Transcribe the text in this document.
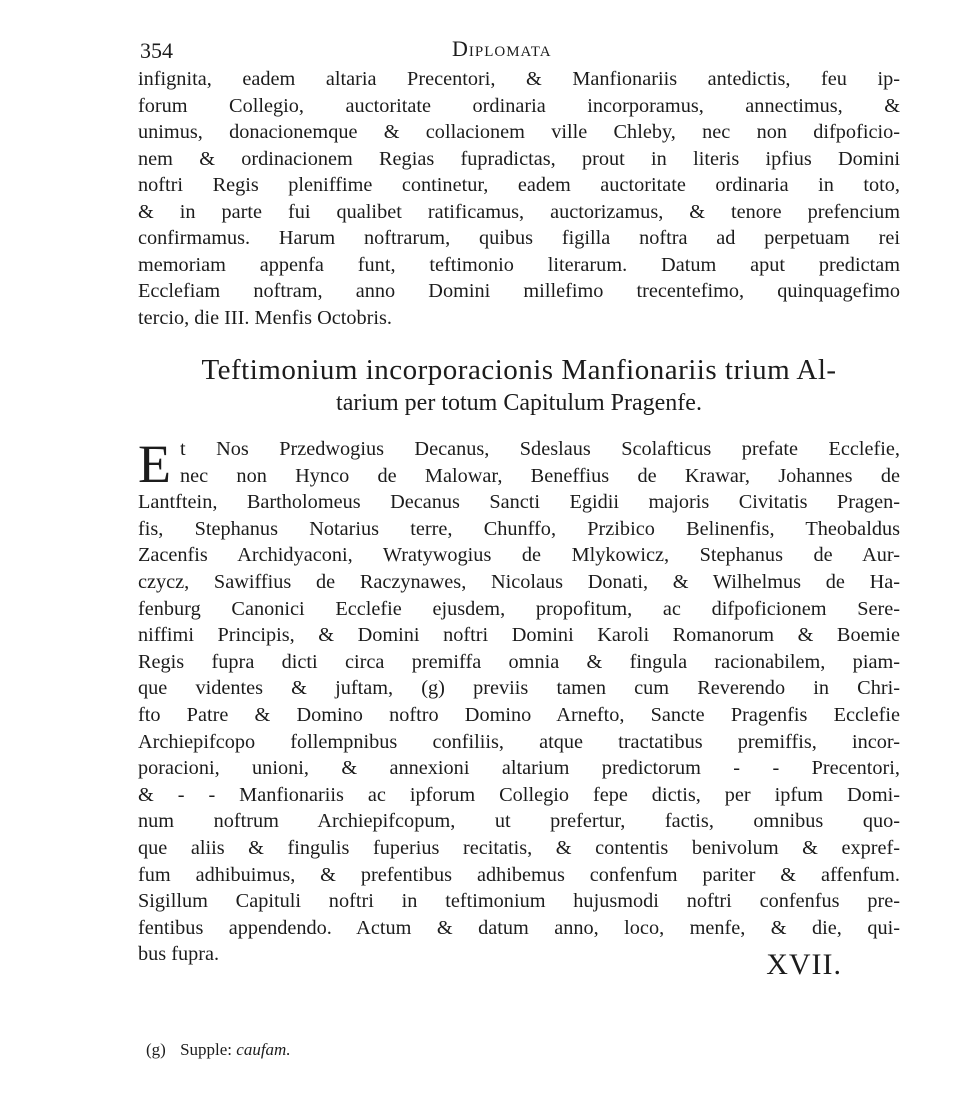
354	Diplomata
infignita, eadem altaria Precentori, & Manfionariis antedictis, feu ip-
forum Collegio, auctoritate ordinaria incorporamus, annectimus, &
unimus, donacionemque & collacionem ville Chleby, nec non difpoficio-
nem & ordinacionem Regias fupradictas, prout in literis ipfius Domini
noftri Regis pleniffime continetur, eadem auctoritate ordinaria in toto,
& in parte fui qualibet ratificamus, auctorizamus, & tenore prefencium
confirmamus. Harum noftrarum, quibus figilla noftra ad perpetuam rei
memoriam appenfa funt, teftimonio literarum. Datum aput predictam
Ecclefiam noftram, anno Domini millefimo trecentefimo, quinquagefimo
tercio, die III. Menfis Octobris.
Teftimonium incorporacionis Manfionariis trium Al-
tarium per totum Capitulum Pragenfe.
E t Nos Przedwogius Decanus, Sdeslaus Scolafticus prefate Ecclefie,
nec non Hynco de Malowar, Beneffius de Krawar, Johannes de
Lantftein, Bartholomeus Decanus Sancti Egidii majoris Civitatis Pragen-
fis, Stephanus Notarius terre, Chunffo, Przibico Belinenfis, Theobaldus
Zacenfis Archidyaconi, Wratywogius de Mlykowicz, Stephanus de Aur-
czycz, Sawiffius de Raczynawes, Nicolaus Donati, & Wilhelmus de Ha-
fenburg Canonici Ecclefie ejusdem, propofitum, ac difpoficionem Sere-
niffimi Principis, & Domini noftri Domini Karoli Romanorum & Boemie
Regis fupra dicti circa premiffa omnia & fingula racionabilem, piam-
que videntes & juftam, (g) previis tamen cum Reverendo in Chri-
fto Patre & Domino noftro Domino Arnefto, Sancte Pragenfis Ecclefie
Archiepifcopo follempnibus confiliis, atque tractatibus premiffis, incor-
poracioni, unioni, & annexioni altarium predictorum - - Precentori,
& - - Manfionariis ac ipforum Collegio fepe dictis, per ipfum Domi-
num noftrum Archiepifcopum, ut prefertur, factis, omnibus quo-
que aliis & fingulis fuperius recitatis, & contentis benivolum & expref-
fum adhibuimus, & prefentibus adhibemus confenfum pariter & affenfum.
Sigillum Capituli noftri in teftimonium hujusmodi noftri confenfus pre-
fentibus appendendo. Actum & datum anno, loco, menfe, & die, qui-
bus fupra.	XVII.
(g) Supple: caufam.
